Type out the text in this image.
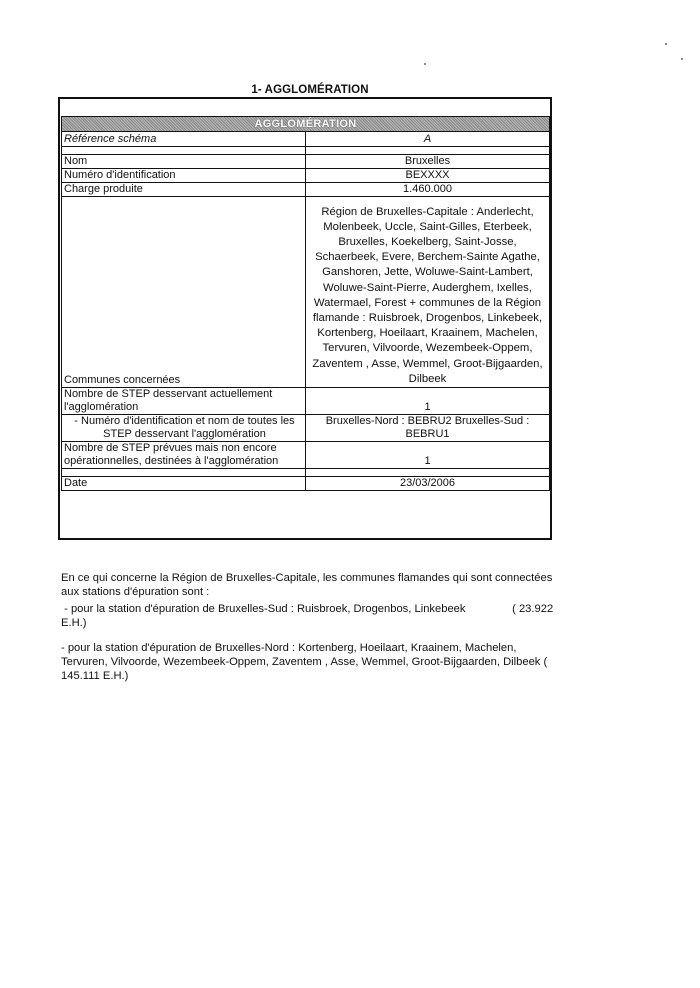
1- AGGLOMÉRATION
AGGLOMÉRATION	
Référence schéma	A

Nom	Bruxelles
Numéro d'identification	BEXXXX
Charge produite	1.460.000
Communes concernées	Région de Bruxelles-Capitale : Anderlecht, Molenbeek, Uccle, Saint-Gilles, Eterbeek, Bruxelles, Koekelberg, Saint-Josse, Schaerbeek, Evere, Berchem-Sainte Agathe, Ganshoren, Jette, Woluwe-Saint-Lambert, Woluwe-Saint-Pierre, Auderghem, Ixelles, Watermael, Forest + communes de la Région flamande : Ruisbroek, Drogenbos, Linkebeek, Kortenberg, Hoeilaart, Kraainem, Machelen, Tervuren, Vilvoorde, Wezembeek-Oppem, Zaventem , Asse, Wemmel, Groot-Bijgaarden, Dilbeek
Nombre de STEP desservant actuellement l'agglomération	1
- Numéro d'identification et nom de toutes les STEP desservant l'agglomération	Bruxelles-Nord : BEBRU2 Bruxelles-Sud : BEBRU1
Nombre de STEP prévues mais non encore opérationnelles, destinées à l'agglomération	1

Date	23/03/2006
En ce qui concerne la Région de Bruxelles-Capitale, les communes flamandes qui sont connectées aux stations d'épuration sont :
- pour la station d'épuration de Bruxelles-Sud : Ruisbroek, Drogenbos, Linkebeek               ( 23.922 E.H.)
- pour la station d'épuration de Bruxelles-Nord : Kortenberg, Hoeilaart, Kraainem, Machelen, Tervuren, Vilvoorde, Wezembeek-Oppem, Zaventem , Asse, Wemmel, Groot-Bijgaarden, Dilbeek ( 145.111 E.H.)
